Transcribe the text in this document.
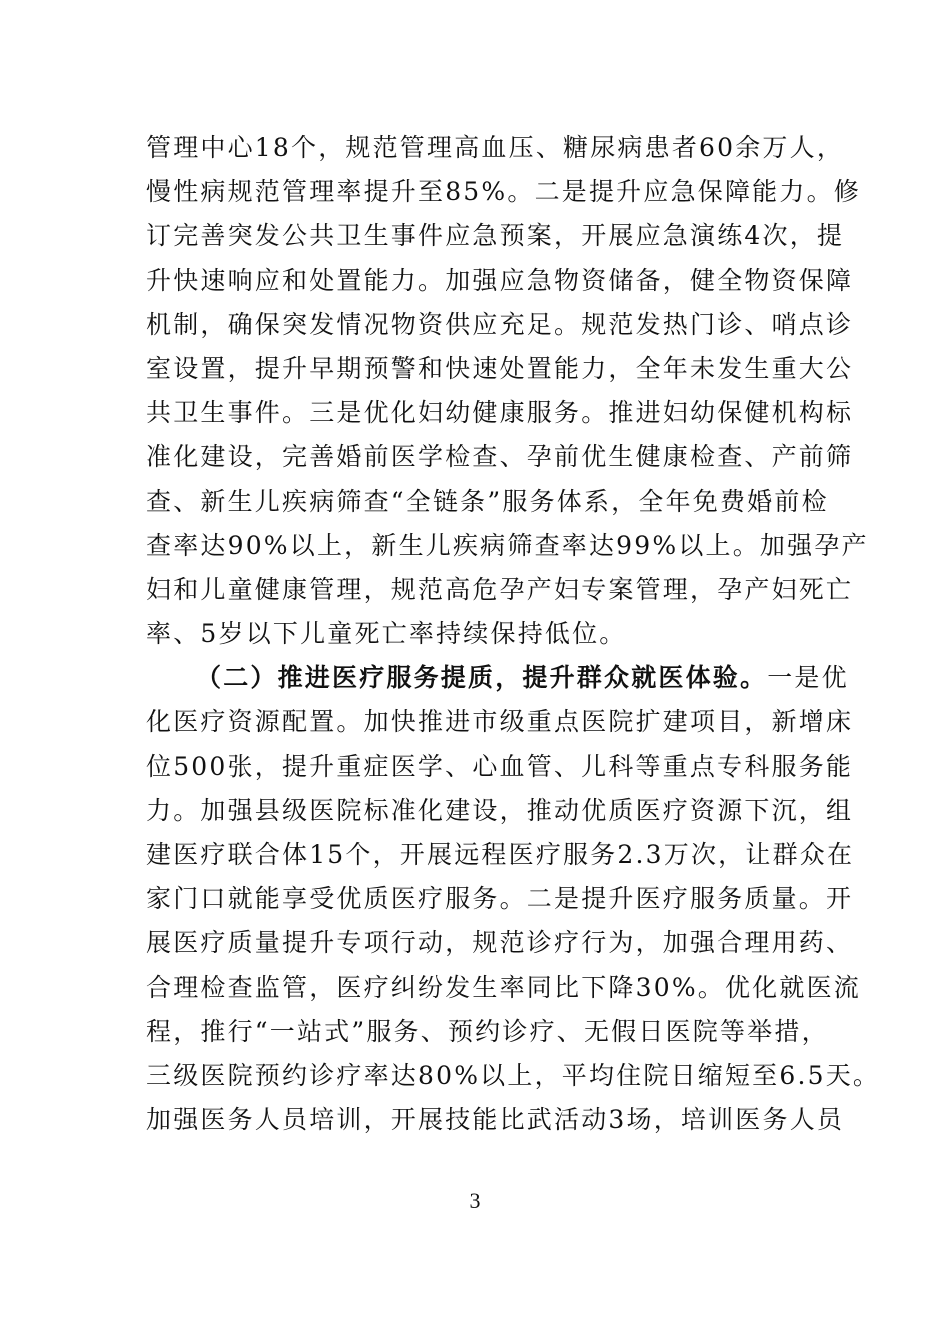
管理中心18个，规范管理高血压、糖尿病患者60余万人，
慢性病规范管理率提升至85%。二是提升应急保障能力。修
订完善突发公共卫生事件应急预案，开展应急演练4次，提
升快速响应和处置能力。加强应急物资储备，健全物资保障
机制，确保突发情况物资供应充足。规范发热门诊、哨点诊
室设置，提升早期预警和快速处置能力，全年未发生重大公
共卫生事件。三是优化妇幼健康服务。推进妇幼保健机构标
准化建设，完善婚前医学检查、孕前优生健康检查、产前筛
查、新生儿疾病筛查“全链条”服务体系，全年免费婚前检
查率达90%以上，新生儿疾病筛查率达99%以上。加强孕产
妇和儿童健康管理，规范高危孕产妇专案管理，孕产妇死亡
率、5岁以下儿童死亡率持续保持低位。
（二）推进医疗服务提质，提升群众就医体验。一是优
化医疗资源配置。加快推进市级重点医院扩建项目，新增床
位500张，提升重症医学、心血管、儿科等重点专科服务能
力。加强县级医院标准化建设，推动优质医疗资源下沉，组
建医疗联合体15个，开展远程医疗服务2.3万次，让群众在
家门口就能享受优质医疗服务。二是提升医疗服务质量。开
展医疗质量提升专项行动，规范诊疗行为，加强合理用药、
合理检查监管，医疗纠纷发生率同比下降30%。优化就医流
程，推行“一站式”服务、预约诊疗、无假日医院等举措，
三级医院预约诊疗率达80%以上，平均住院日缩短至6.5天。
加强医务人员培训，开展技能比武活动3场，培训医务人员
3
